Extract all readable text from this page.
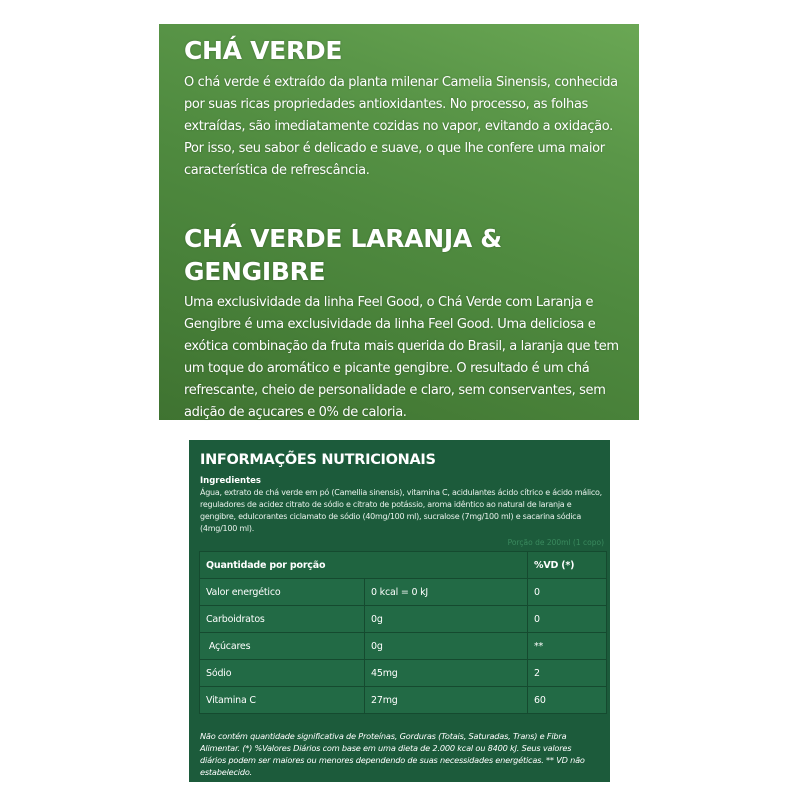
CHÁ VERDE

O chá verde é extraído da planta milenar Camelia Sinensis, conhecida por suas ricas propriedades antioxidantes. No processo, as folhas extraídas, são imediatamente cozidas no vapor, evitando a oxidação. Por isso, seu sabor é delicado e suave, o que lhe confere uma maior característica de refrescância.

CHÁ VERDE LARANJA &
GENGIBRE

Uma exclusividade da linha Feel Good, o Chá Verde com Laranja e Gengibre é uma exclusividade da linha Feel Good. Uma deliciosa e exótica combinação da fruta mais querida do Brasil, a laranja que tem um toque do aromático e picante gengibre. O resultado é um chá refrescante, cheio de personalidade e claro, sem conservantes, sem adição de açucares e 0% de caloria.

INFORMAÇÕES NUTRICIONAIS
Ingredientes
Água, extrato de chá verde em pó (Camellia sinensis), vitamina C, acidulantes ácido cítrico e ácido málico, reguladores de acidez citrato de sódio e citrato de potássio, aroma idêntico ao natural de laranja e gengibre, edulcorantes ciclamato de sódio (40mg/100 ml), sucralose (7mg/100 ml) e sacarina sódica (4mg/100 ml).
Porção de 200ml (1 copo)
Quantidade por porção		%VD (*)
Valor energético	0 kcal = 0 kJ	0
Carboidratos	0g	0
Açúcares	0g	**
Sódio	45mg	2
Vitamina C	27mg	60
Não contém quantidade significativa de Proteínas, Gorduras (Totais, Saturadas, Trans) e Fibra Alimentar. (*) %Valores Diários com base em uma dieta de 2.000 kcal ou 8400 kJ. Seus valores diários podem ser maiores ou menores dependendo de suas necessidades energéticas. ** VD não estabelecido.
